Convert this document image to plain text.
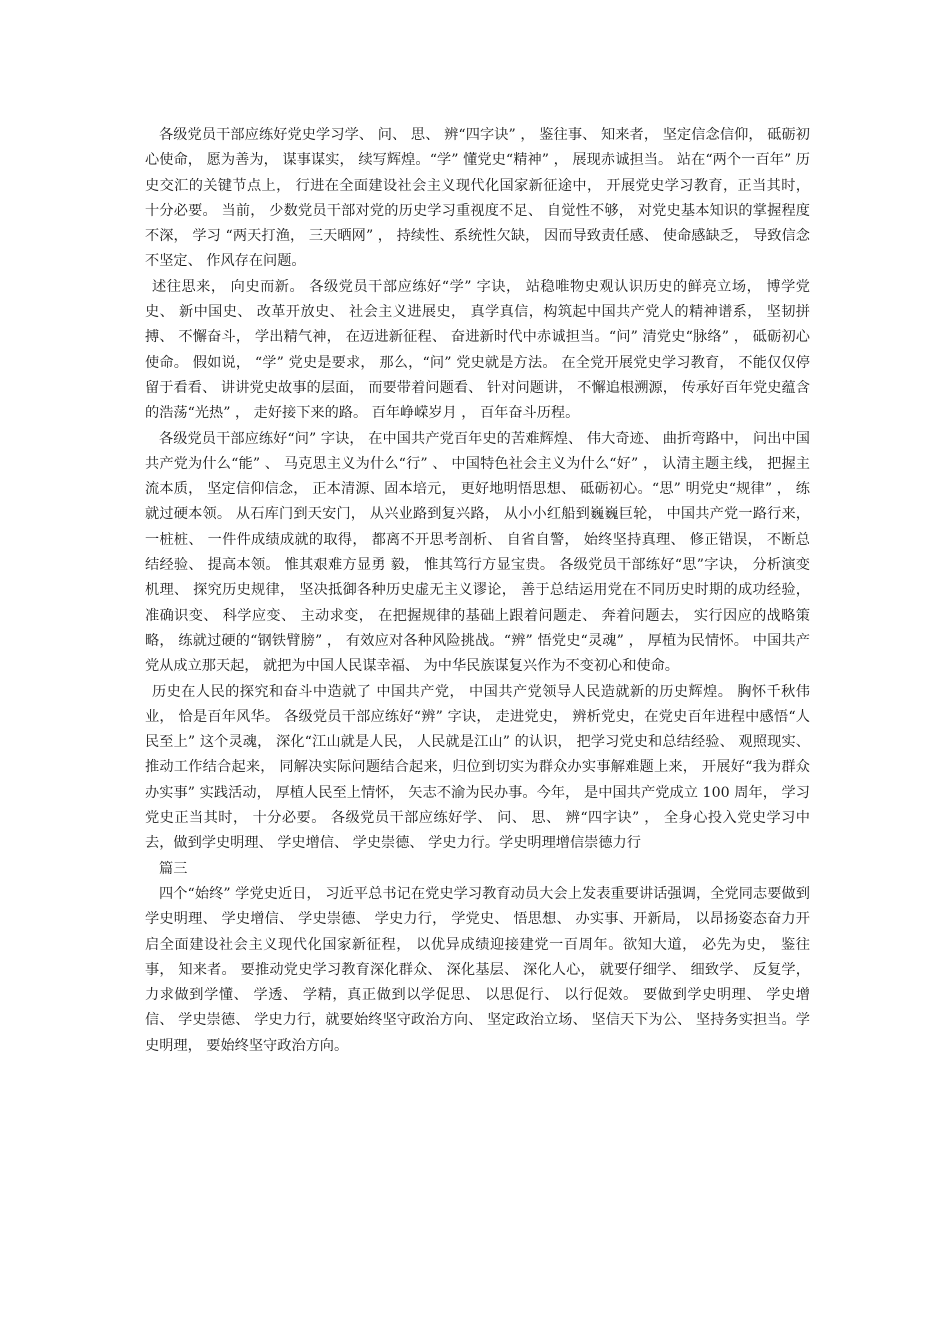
各级党员干部应练好党史学习学、 问、 思、 辨“四字诀” ， 鉴往事、 知来者， 坚定信念信仰， 砥砺初心使命， 愿为善为， 谋事谋实， 续写辉煌。“学” 懂党史“精神” ， 展现赤诚担当。 站在“两个一百年” 历史交汇的关键节点上， 行进在全面建设社会主义现代化国家新征途中， 开展党史学习教育，正当其时， 十分必要。 当前， 少数党员干部对党的历史学习重视度不足、 自觉性不够， 对党史基本知识的掌握程度不深， 学习 “两天打渔， 三天晒网” ， 持续性、系统性欠缺， 因而导致责任感、 使命感缺乏， 导致信念不坚定、 作风存在问题。

述往思来， 向史而新。 各级党员干部应练好“学” 字诀， 站稳唯物史观认识历史的鲜亮立场， 博学党史、 新中国史、 改革开放史、 社会主义进展史， 真学真信，构筑起中国共产党人的精神谱系， 坚韧拼搏、 不懈奋斗， 学出精气神， 在迈进新征程、 奋进新时代中赤诚担当。“问” 清党史“脉络” ， 砥砺初心使命。 假如说， “学” 党史是要求， 那么，“问” 党史就是方法。 在全党开展党史学习教育， 不能仅仅停留于看看、 讲讲党史故事的层面， 而要带着问题看、 针对问题讲， 不懈追根溯源， 传承好百年党史蕴含的浩荡“光热” ， 走好接下来的路。 百年峥嵘岁月 ， 百年奋斗历程。

各级党员干部应练好“问” 字诀， 在中国共产党百年史的苦难辉煌、 伟大奇迹、 曲折弯路中， 问出中国共产党为什么“能” 、 马克思主义为什么“行” 、 中国特色社会主义为什么“好” ， 认清主题主线， 把握主流本质， 坚定信仰信念， 正本清源、固本培元， 更好地明悟思想、 砥砺初心。“思” 明党史“规律” ， 练就过硬本领。 从石库门到天安门， 从兴业路到复兴路， 从小小红船到巍巍巨轮， 中国共产党一路行来， 一桩桩、 一件件成绩成就的取得， 都离不开思考剖析、 自省自警， 始终坚持真理、 修正错误， 不断总结经验、 提高本领。 惟其艰难方显勇 毅， 惟其笃行方显宝贵。 各级党员干部练好“思”字诀， 分析演变机理、 探究历史规律， 坚决抵御各种历史虚无主义谬论， 善于总结运用党在不同历史时期的成功经验， 准确识变、 科学应变、 主动求变， 在把握规律的基础上跟着问题走、 奔着问题去， 实行因应的战略策略， 练就过硬的“钢铁臂膀” ， 有效应对各种风险挑战。“辨” 悟党史“灵魂” ， 厚植为民情怀。 中国共产党从成立那天起， 就把为中国人民谋幸福、 为中华民族谋复兴作为不变初心和使命。

历史在人民的探究和奋斗中造就了 中国共产党， 中国共产党领导人民造就新的历史辉煌。 胸怀千秋伟业， 恰是百年风华。 各级党员干部应练好“辨” 字诀， 走进党史， 辨析党史，在党史百年进程中感悟“人民至上” 这个灵魂， 深化“江山就是人民， 人民就是江山” 的认识， 把学习党史和总结经验、 观照现实、 推动工作结合起来， 同解决实际问题结合起来，归位到切实为群众办实事解难题上来， 开展好“我为群众办实事” 实践活动， 厚植人民至上情怀， 矢志不渝为民办事。今年， 是中国共产党成立 100 周年， 学习党史正当其时， 十分必要。 各级党员干部应练好学、 问、 思、 辨“四字诀” ， 全身心投入党史学习中去，做到学史明理、 学史增信、 学史崇德、 学史力行。学史明理增信崇德力行

篇三

四个“始终” 学党史近日， 习近平总书记在党史学习教育动员大会上发表重要讲话强调，全党同志要做到学史明理、 学史增信、 学史崇德、 学史力行， 学党史、 悟思想、 办实事、开新局， 以昂扬姿态奋力开启全面建设社会主义现代化国家新征程， 以优异成绩迎接建党一百周年。欲知大道， 必先为史， 鉴往事， 知来者。 要推动党史学习教育深化群众、 深化基层、 深化人心， 就要仔细学、 细致学、 反复学， 力求做到学懂、 学透、 学精，真正做到以学促思、 以思促行、 以行促效。 要做到学史明理、 学史增信、 学史崇德、 学史力行，就要始终坚守政治方向、 坚定政治立场、 坚信天下为公、 坚持务实担当。学史明理， 要始终坚守政治方向。
